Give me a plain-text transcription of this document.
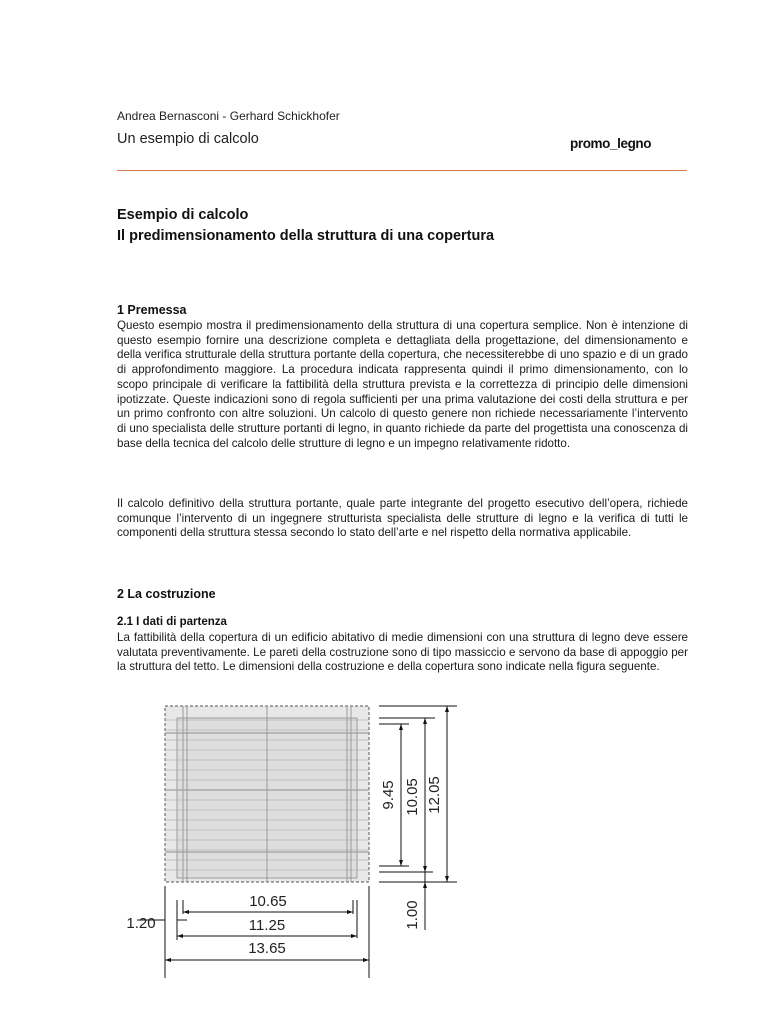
Andrea Bernasconi - Gerhard Schickhofer
Un esempio di calcolo	promo_legno
Esempio di calcolo
Il predimensionamento della struttura di una copertura
1 Premessa
Questo esempio mostra il predimensionamento della struttura di una copertura semplice. Non è intenzione di questo esempio fornire una descrizione completa e dettagliata della progettazione, del dimensionamento e della verifica strutturale della struttura portante della copertura, che necessiterebbe di uno spazio e di un grado di approfondimento maggiore. La procedura indicata rappresenta quindi il primo dimensionamento, con lo scopo principale di verificare la fattibilità della struttura prevista e la correttezza di principio delle dimensioni ipotizzate. Queste indicazioni sono di regola sufficienti per una prima valutazione dei costi della struttura e per un primo confronto con altre soluzioni. Un calcolo di questo genere non richiede necessariamente l’intervento di uno specialista delle strutture portanti di legno, in quanto richiede da parte del progettista una conoscenza di base della tecnica del calcolo delle strutture di legno e un impegno relativamente ridotto.
Il calcolo definitivo della struttura portante, quale parte integrante del progetto esecutivo dell’opera, richiede comunque l’intervento di un ingegnere strutturista specialista delle strutture di legno e la verifica di tutti le componenti della struttura stessa secondo lo stato dell’arte e nel rispetto della normativa applicabile.
2 La costruzione
2.1 I dati di partenza
La fattibilità della copertura di un edificio abitativo di medie dimensioni con una struttura di legno deve essere valutata preventivamente. Le pareti della costruzione sono di tipo massiccio e servono da base di appoggio per la struttura del tetto. Le dimensioni della costruzione e della copertura sono indicate nella figura seguente.
10.65
11.25
13.65
1.20
9.45 10.05 12.05
1.00
